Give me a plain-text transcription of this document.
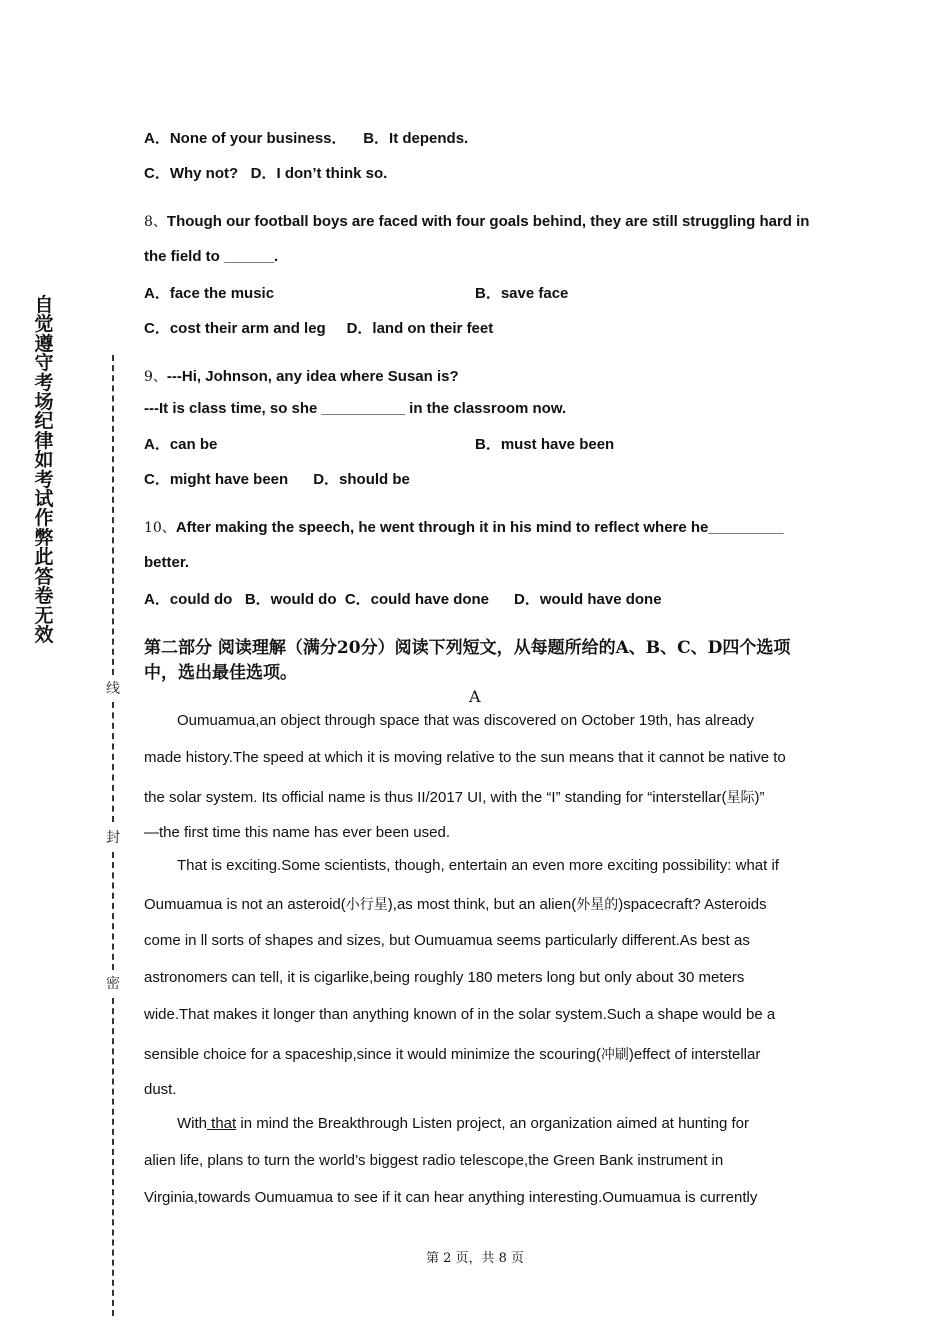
自
觉
遵
守
考
场
纪
律
如
考
试
作
弊
此
答
卷
无
效
线
封
密
A．None of your business． B．It depends.
C．Why not? D．I don’t think so.
8、Though our football boys are faced with four goals behind, they are still struggling hard in
the field to ______.
A．face the music	B．save face
C．cost their arm and leg D．land on their feet
9、---Hi, Johnson, any idea where Susan is?
---It is class time, so she __________ in the classroom now.
A．can be	B．must have been
C．might have been D．should be
10、After making the speech, he went through it in his mind to reflect where he_________
better.
A．could do B．would do C．could have done D．would have done
第二部分 阅读理解（满分20分）阅读下列短文，从每题所给的A、B、C、D四个选项中，选出最佳选项。
A
Oumuamua,an object through space that was discovered on October 19th, has already
made history.The speed at which it is moving relative to the sun means that it cannot be native to
the solar system. Its official name is thus II/2017 UI, with the “I” standing for “interstellar(星际)”
—the first time this name has ever been used.
That is exciting.Some scientists, though, entertain an even more exciting possibility: what if
Oumuamua is not an asteroid(小行星),as most think, but an alien(外星的)spacecraft? Asteroids
come in ll sorts of shapes and sizes, but Oumuamua seems particularly different.As best as
astronomers can tell, it is cigarlike,being roughly 180 meters long but only about 30 meters
wide.That makes it longer than anything known of in the solar system.Such a shape would be a
sensible choice for a spaceship,since it would minimize the scouring(冲刷)effect of interstellar
dust.
With that in mind the Breakthrough Listen project, an organization aimed at hunting for
alien life, plans to turn the world’s biggest radio telescope,the Green Bank instrument in
Virginia,towards Oumuamua to see if it can hear anything interesting.Oumuamua is currently
第 2 页，共 8 页
